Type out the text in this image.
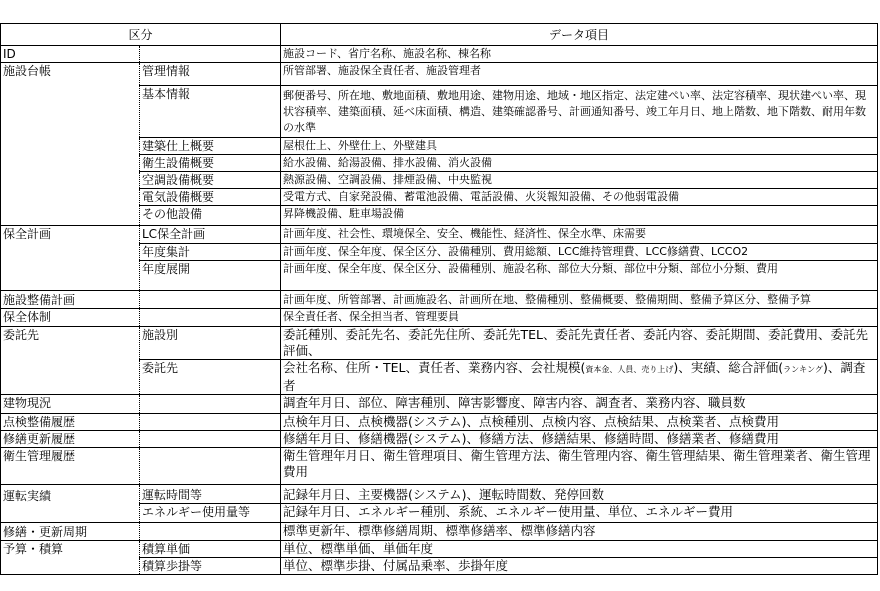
区分		データ項目
ID		施設コード、省庁名称、施設名称、棟名称
施設台帳	管理情報	所管部署、施設保全責任者、施設管理者
	基本情報	郵便番号、所在地、敷地面積、敷地用途、建物用途、地域・地区指定、法定建ぺい率、法定容積率、現状建ぺい率、現状容積率、建築面積、延べ床面積、構造、建築確認番号、計画通知番号、竣工年月日、地上階数、地下階数、耐用年数の水準
	建築仕上概要	屋根仕上、外壁仕上、外壁建具
	衛生設備概要	給水設備、給湯設備、排水設備、消火設備
	空調設備概要	熱源設備、空調設備、排煙設備、中央監視
	電気設備概要	受電方式、自家発設備、蓄電池設備、電話設備、火災報知設備、その他弱電設備
	その他設備	昇降機設備、駐車場設備
保全計画	LC保全計画	計画年度、社会性、環境保全、安全、機能性、経済性、保全水準、床需要
	年度集計	計画年度、保全年度、保全区分、設備種別、費用総額、LCC維持管理費、LCC修繕費、LCCO2
	年度展開	計画年度、保全年度、保全区分、設備種別、施設名称、部位大分類、部位中分類、部位小分類、費用
施設整備計画		計画年度、所管部署、計画施設名、計画所在地、整備種別、整備概要、整備期間、整備予算区分、整備予算
保全体制		保全責任者、保全担当者、管理要員
委託先	施設別	委託種別、委託先名、委託先住所、委託先TEL、委託先責任者、委託内容、委託期間、委託費用、委託先評価、
	委託先	会社名称、住所・TEL、責任者、業務内容、会社規模(資本金、人員、売り上げ)、実績、総合評価(ランキング)、調査者
建物現況		調査年月日、部位、障害種別、障害影響度、障害内容、調査者、業務内容、職員数
点検整備履歴		点検年月日、点検機器(システム)、点検種別、点検内容、点検結果、点検業者、点検費用
修繕更新履歴		修繕年月日、修繕機器(システム)、修繕方法、修繕結果、修繕時間、修繕業者、修繕費用
衛生管理履歴		衛生管理年月日、衛生管理項目、衛生管理方法、衛生管理内容、衛生管理結果、衛生管理業者、衛生管理費用
運転実績	運転時間等	記録年月日、主要機器(システム)、運転時間数、発停回数
	エネルギー使用量等	記録年月日、エネルギー種別、系統、エネルギー使用量、単位、エネルギー費用
修繕・更新周期		標準更新年、標準修繕周期、標準修繕率、標準修繕内容
予算・積算	積算単価	単位、標準単価、単価年度
	積算歩掛等	単位、標準歩掛、付属品乗率、歩掛年度
